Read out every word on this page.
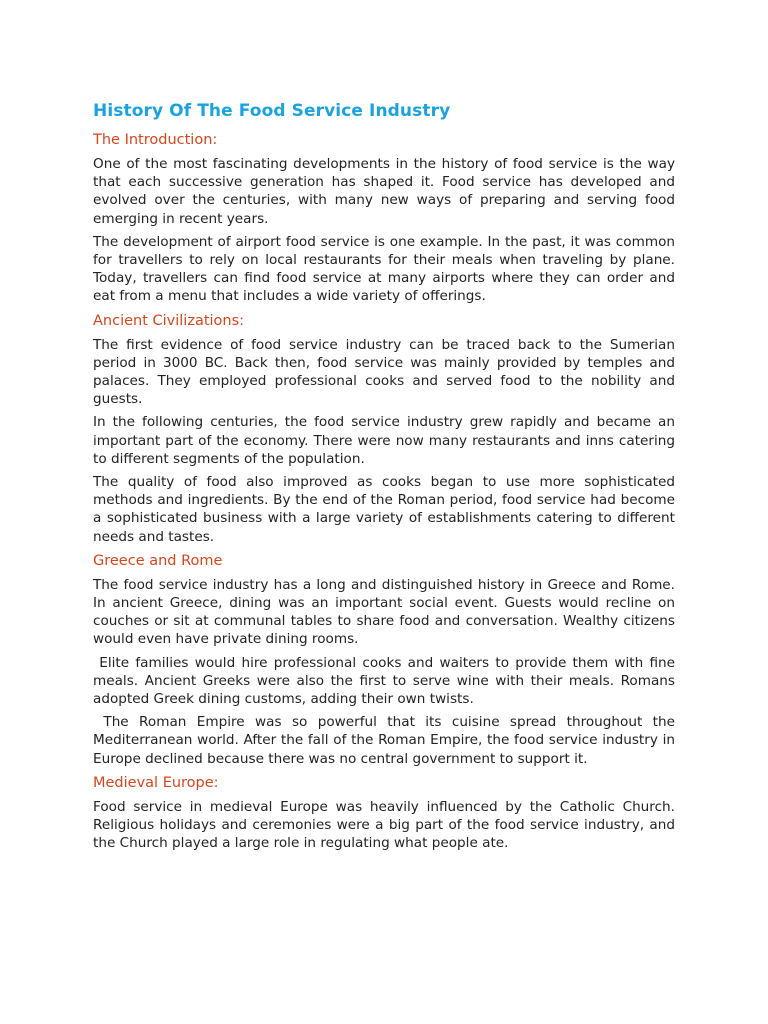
History Of The Food Service Industry
The Introduction:

One of the most fascinating developments in the history of food service is the way that each successive generation has shaped it. Food service has developed and evolved over the centuries, with many new ways of preparing and serving food emerging in recent years.

The development of airport food service is one example. In the past, it was common for travellers to rely on local restaurants for their meals when traveling by plane. Today, travellers can find food service at many airports where they can order and eat from a menu that includes a wide variety of offerings.

Ancient Civilizations:

The first evidence of food service industry can be traced back to the Sumerian period in 3000 BC. Back then, food service was mainly provided by temples and palaces. They employed professional cooks and served food to the nobility and guests.

In the following centuries, the food service industry grew rapidly and became an important part of the economy. There were now many restaurants and inns catering to different segments of the population.

The quality of food also improved as cooks began to use more sophisticated methods and ingredients. By the end of the Roman period, food service had become a sophisticated business with a large variety of establishments catering to different needs and tastes.

Greece and Rome

The food service industry has a long and distinguished history in Greece and Rome. In ancient Greece, dining was an important social event. Guests would recline on couches or sit at communal tables to share food and conversation. Wealthy citizens would even have private dining rooms.

Elite families would hire professional cooks and waiters to provide them with fine meals. Ancient Greeks were also the first to serve wine with their meals. Romans adopted Greek dining customs, adding their own twists.

The Roman Empire was so powerful that its cuisine spread throughout the Mediterranean world. After the fall of the Roman Empire, the food service industry in Europe declined because there was no central government to support it.

Medieval Europe:

Food service in medieval Europe was heavily influenced by the Catholic Church. Religious holidays and ceremonies were a big part of the food service industry, and the Church played a large role in regulating what people ate.
